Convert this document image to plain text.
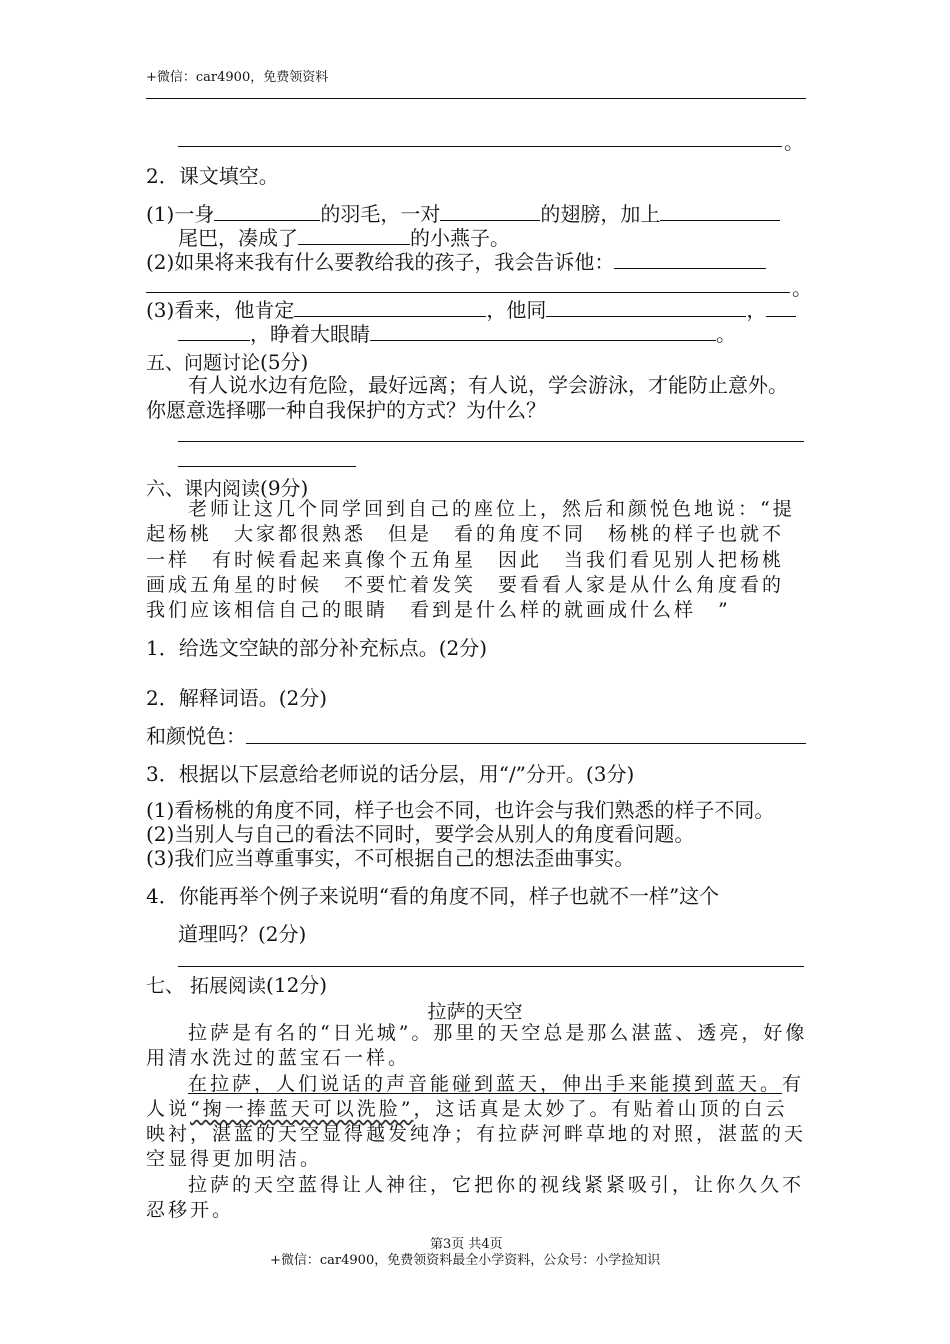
+微信：car4900，免费领资料
。
2．课文填空。
(1)一身	的羽毛，一对	的翅膀，加上
尾巴，凑成了	的小燕子。
(2)如果将来我有什么要教给我的孩子，我会告诉他：
。
(3)看来，他肯定	，他同	，
，睁着大眼睛	。
五、问题讨论(5分)
有人说水边有危险，最好远离；有人说，学会游泳，才能防止意外。
你愿意选择哪一种自我保护的方式？为什么？
六、课内阅读(9分)
老师让这几个同学回到自己的座位上，然后和颜悦色地说：“提
起杨桃　大家都很熟悉　但是　看的角度不同　杨桃的样子也就不
一样　有时候看起来真像个五角星　因此　当我们看见别人把杨桃
画成五角星的时候　不要忙着发笑　要看看人家是从什么角度看的
我们应该相信自己的眼睛　看到是什么样的就画成什么样　”
1．给选文空缺的部分补充标点。(2分)
2．解释词语。(2分)
和颜悦色：
3．根据以下层意给老师说的话分层，用“/”分开。(3分)
(1)看杨桃的角度不同，样子也会不同，也许会与我们熟悉的样子不同。
(2)当别人与自己的看法不同时，要学会从别人的角度看问题。
(3)我们应当尊重事实，不可根据自己的想法歪曲事实。
4．你能再举个例子来说明“看的角度不同，样子也就不一样”这个
道理吗？(2分)
七、 拓展阅读(12分)
拉萨的天空
拉萨是有名的“日光城”。那里的天空总是那么湛蓝、透亮，好像
用清水洗过的蓝宝石一样。
在拉萨，人们说话的声音能碰到蓝天，伸出手来能摸到蓝天。有
人说“掬一捧蓝天可以洗脸”，这话真是太妙了。有贴着山顶的白云
映衬，湛蓝的天空显得越发纯净；有拉萨河畔草地的对照，湛蓝的天
空显得更加明洁。
拉萨的天空蓝得让人神往，它把你的视线紧紧吸引，让你久久不
忍移开。
第3页 共4页
+微信：car4900，免费领资料最全小学资料，公众号：小学捡知识
